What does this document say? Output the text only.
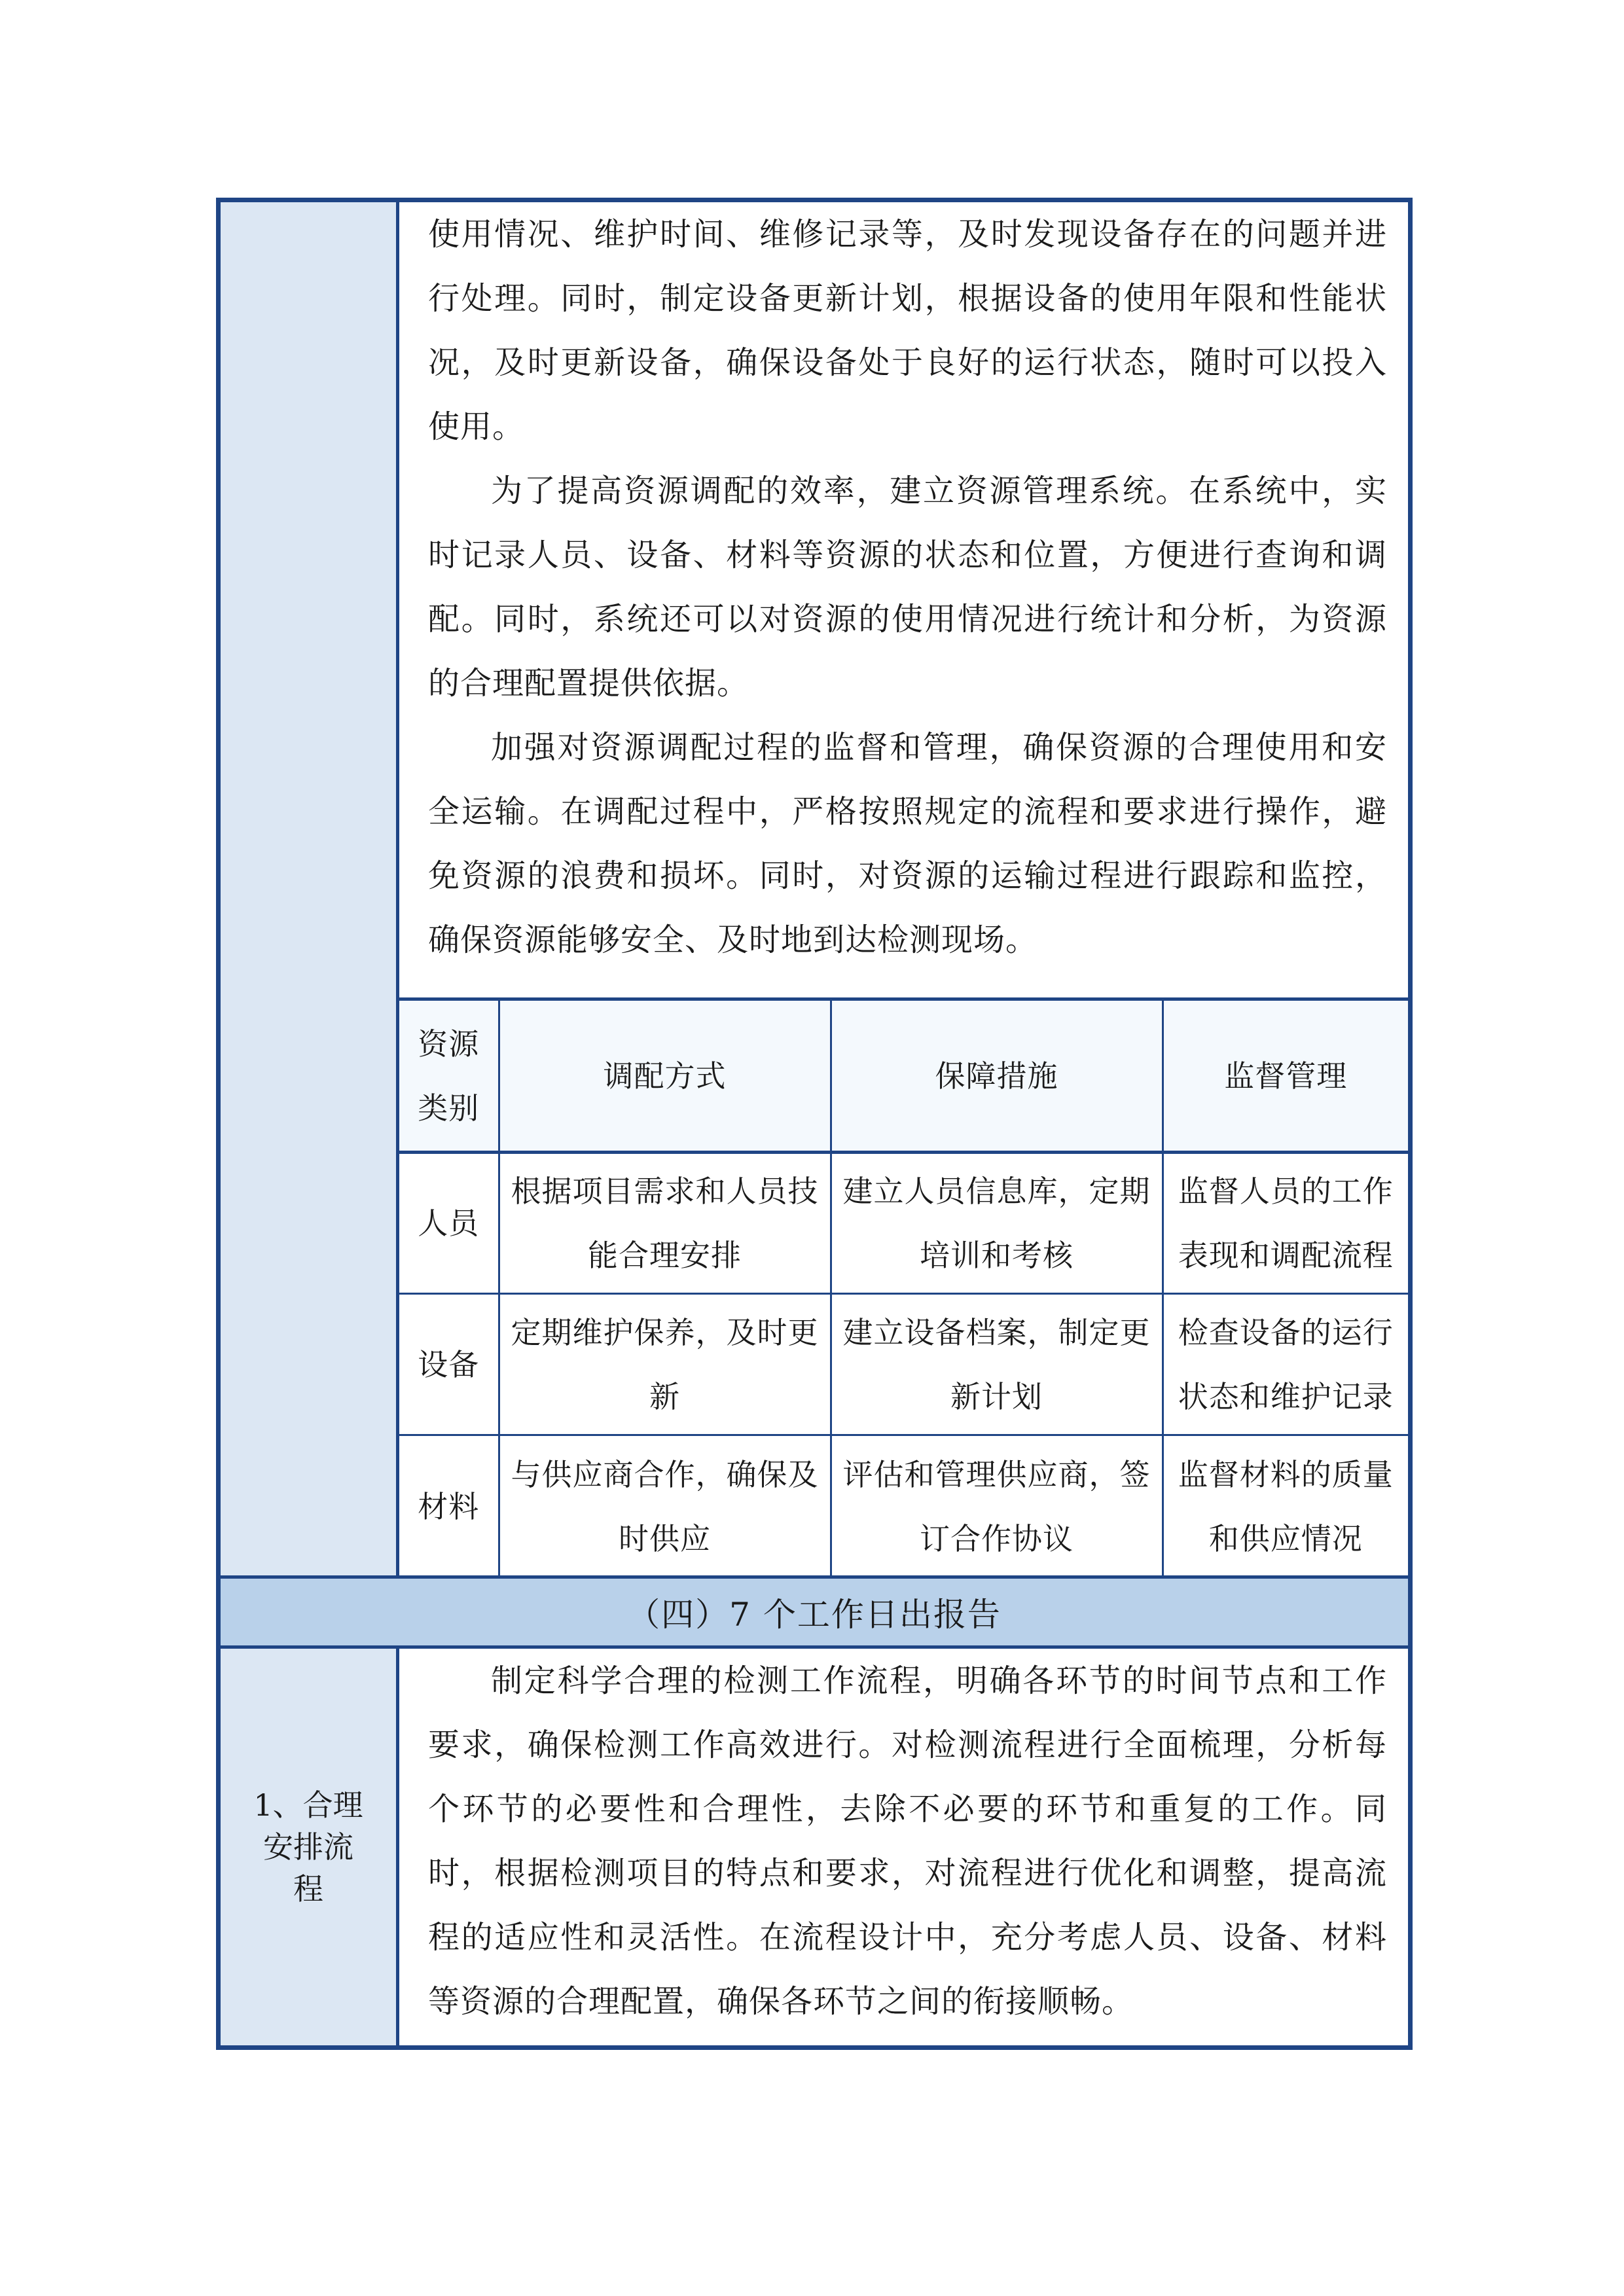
使用情况、维护时间、维修记录等，及时发现设备存在的问题并进行处理。同时，制定设备更新计划，根据设备的使用年限和性能状况，及时更新设备，确保设备处于良好的运行状态，随时可以投入使用。

为了提高资源调配的效率，建立资源管理系统。在系统中，实时记录人员、设备、材料等资源的状态和位置，方便进行查询和调配。同时，系统还可以对资源的使用情况进行统计和分析，为资源的合理配置提供依据。

加强对资源调配过程的监督和管理，确保资源的合理使用和安全运输。在调配过程中，严格按照规定的流程和要求进行操作，避免资源的浪费和损坏。同时，对资源的运输过程进行跟踪和监控，确保资源能够安全、及时地到达检测现场。

资源类别	调配方式	保障措施	监督管理
人员	根据项目需求和人员技能合理安排	建立人员信息库，定期培训和考核	监督人员的工作表现和调配流程
设备	定期维护保养，及时更新	建立设备档案，制定更新计划	检查设备的运行状态和维护记录
材料	与供应商合作，确保及时供应	评估和管理供应商，签订合作协议	监督材料的质量和供应情况
（四）7 个工作日出报告
1、合理安排流程

制定科学合理的检测工作流程，明确各环节的时间节点和工作要求，确保检测工作高效进行。对检测流程进行全面梳理，分析每个环节的必要性和合理性，去除不必要的环节和重复的工作。同时，根据检测项目的特点和要求，对流程进行优化和调整，提高流程的适应性和灵活性。在流程设计中，充分考虑人员、设备、材料等资源的合理配置，确保各环节之间的衔接顺畅。
